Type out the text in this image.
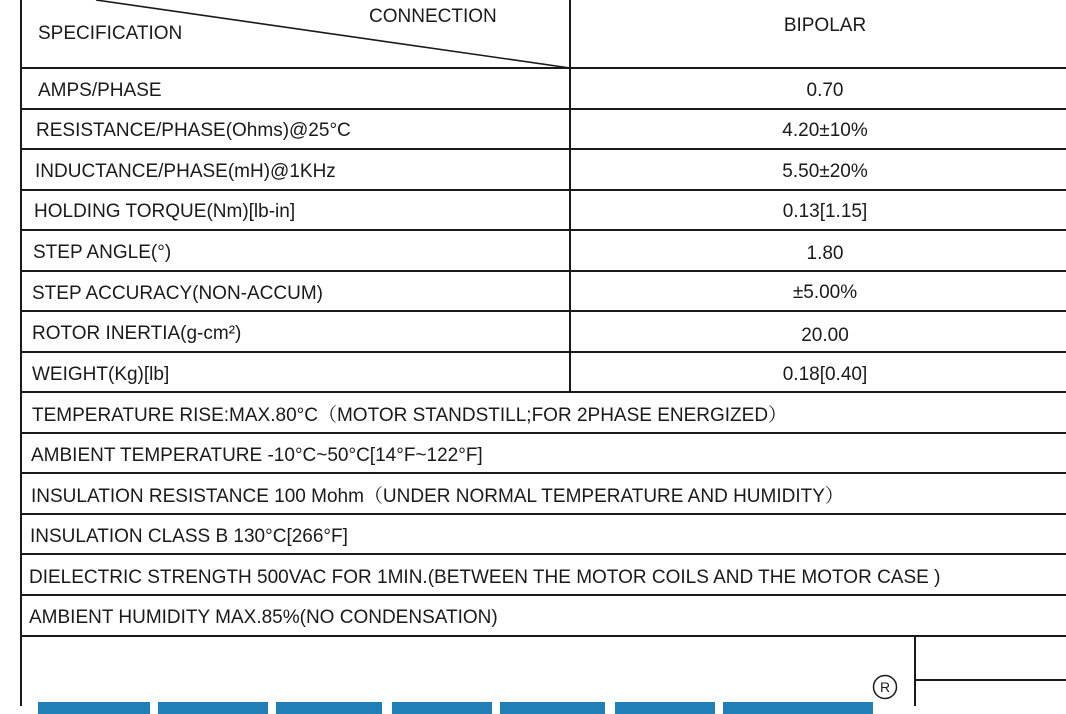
CONNECTION
SPECIFICATION	BIPOLAR
AMPS/PHASE	0.70
RESISTANCE/PHASE(Ohms)@25°C	4.20±10%
INDUCTANCE/PHASE(mH)@1KHz	5.50±20%
HOLDING TORQUE(Nm)[lb-in]	0.13[1.15]
STEP ANGLE(°)	1.80
STEP ACCURACY(NON-ACCUM)	±5.00%
ROTOR INERTIA(g-cm²)	20.00
WEIGHT(Kg)[lb]	0.18[0.40]
TEMPERATURE RISE:MAX.80°C（MOTOR STANDSTILL;FOR 2PHASE ENERGIZED）
AMBIENT TEMPERATURE -10°C~50°C[14°F~122°F]
INSULATION RESISTANCE 100 Mohm（UNDER NORMAL TEMPERATURE AND HUMIDITY）
INSULATION CLASS B 130°C[266°F]
DIELECTRIC STRENGTH 500VAC FOR 1MIN.(BETWEEN THE MOTOR COILS AND THE MOTOR CASE )
AMBIENT HUMIDITY MAX.85%(NO CONDENSATION)
R
